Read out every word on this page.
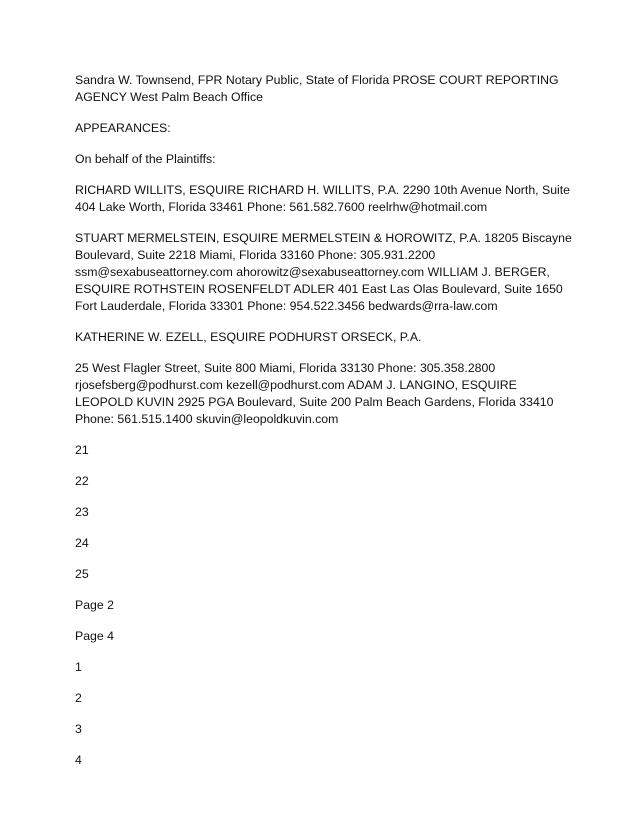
Sandra W. Townsend, FPR Notary Public, State of Florida PROSE COURT REPORTING AGENCY West Palm Beach Office

APPEARANCES:

On behalf of the Plaintiffs:

RICHARD WILLITS, ESQUIRE RICHARD H. WILLITS, P.A. 2290 10th Avenue North, Suite 404 Lake Worth, Florida 33461 Phone: 561.582.7600 reelrhw@hotmail.com

STUART MERMELSTEIN, ESQUIRE MERMELSTEIN & HOROWITZ, P.A. 18205 Biscayne Boulevard, Suite 2218 Miami, Florida 33160 Phone: 305.931.2200 ssm@sexabuseattorney.com ahorowitz@sexabuseattorney.com WILLIAM J. BERGER, ESQUIRE ROTHSTEIN ROSENFELDT ADLER 401 East Las Olas Boulevard, Suite 1650 Fort Lauderdale, Florida 33301 Phone: 954.522.3456 bedwards@rra-law.com

KATHERINE W. EZELL, ESQUIRE PODHURST ORSECK, P.A.

25 West Flagler Street, Suite 800 Miami, Florida 33130 Phone: 305.358.2800 rjosefsberg@podhurst.com kezell@podhurst.com ADAM J. LANGINO, ESQUIRE LEOPOLD KUVIN 2925 PGA Boulevard, Suite 200 Palm Beach Gardens, Florida 33410 Phone: 561.515.1400 skuvin@leopoldkuvin.com

21
22
23
24
25
Page 2
Page 4
1
2
3
4
